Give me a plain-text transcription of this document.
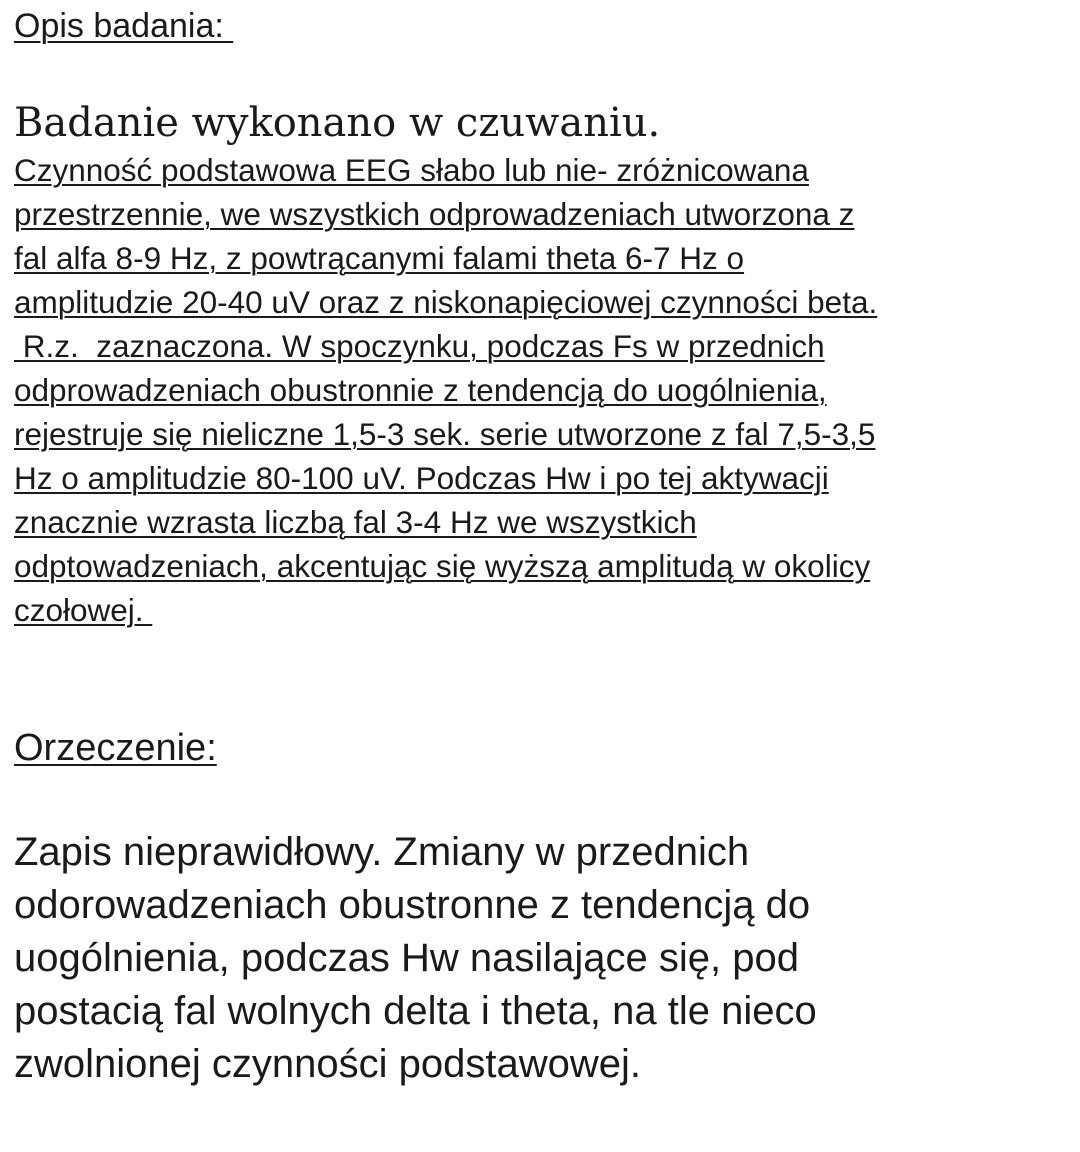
Opis badania:

Badanie wykonano w czuwaniu.

Czynność podstawowa EEG słabo lub nie- zróżnicowana
przestrzennie, we wszystkich odprowadzeniach utworzona z
fal alfa 8-9 Hz, z powtrącanymi falami theta 6-7 Hz o
amplitudzie 20-40 uV oraz z niskonapięciowej czynności beta.
R.z.  zaznaczona. W spoczynku, podczas Fs w przednich
odprowadzeniach obustronnie z tendencją do uogólnienia,
rejestruje się nieliczne 1,5-3 sek. serie utworzone z fal 7,5-3,5
Hz o amplitudzie 80-100 uV. Podczas Hw i po tej aktywacji
znacznie wzrasta liczbą fal 3-4 Hz we wszystkich
odptowadzeniach, akcentując się wyższą amplitudą w okolicy
czołowej.

Orzeczenie:

Zapis nieprawidłowy. Zmiany w przednich
odorowadzeniach obustronne z tendencją do
uogólnienia, podczas Hw nasilające się, pod
postacią fal wolnych delta i theta, na tle nieco
zwolnionej czynności podstawowej.
